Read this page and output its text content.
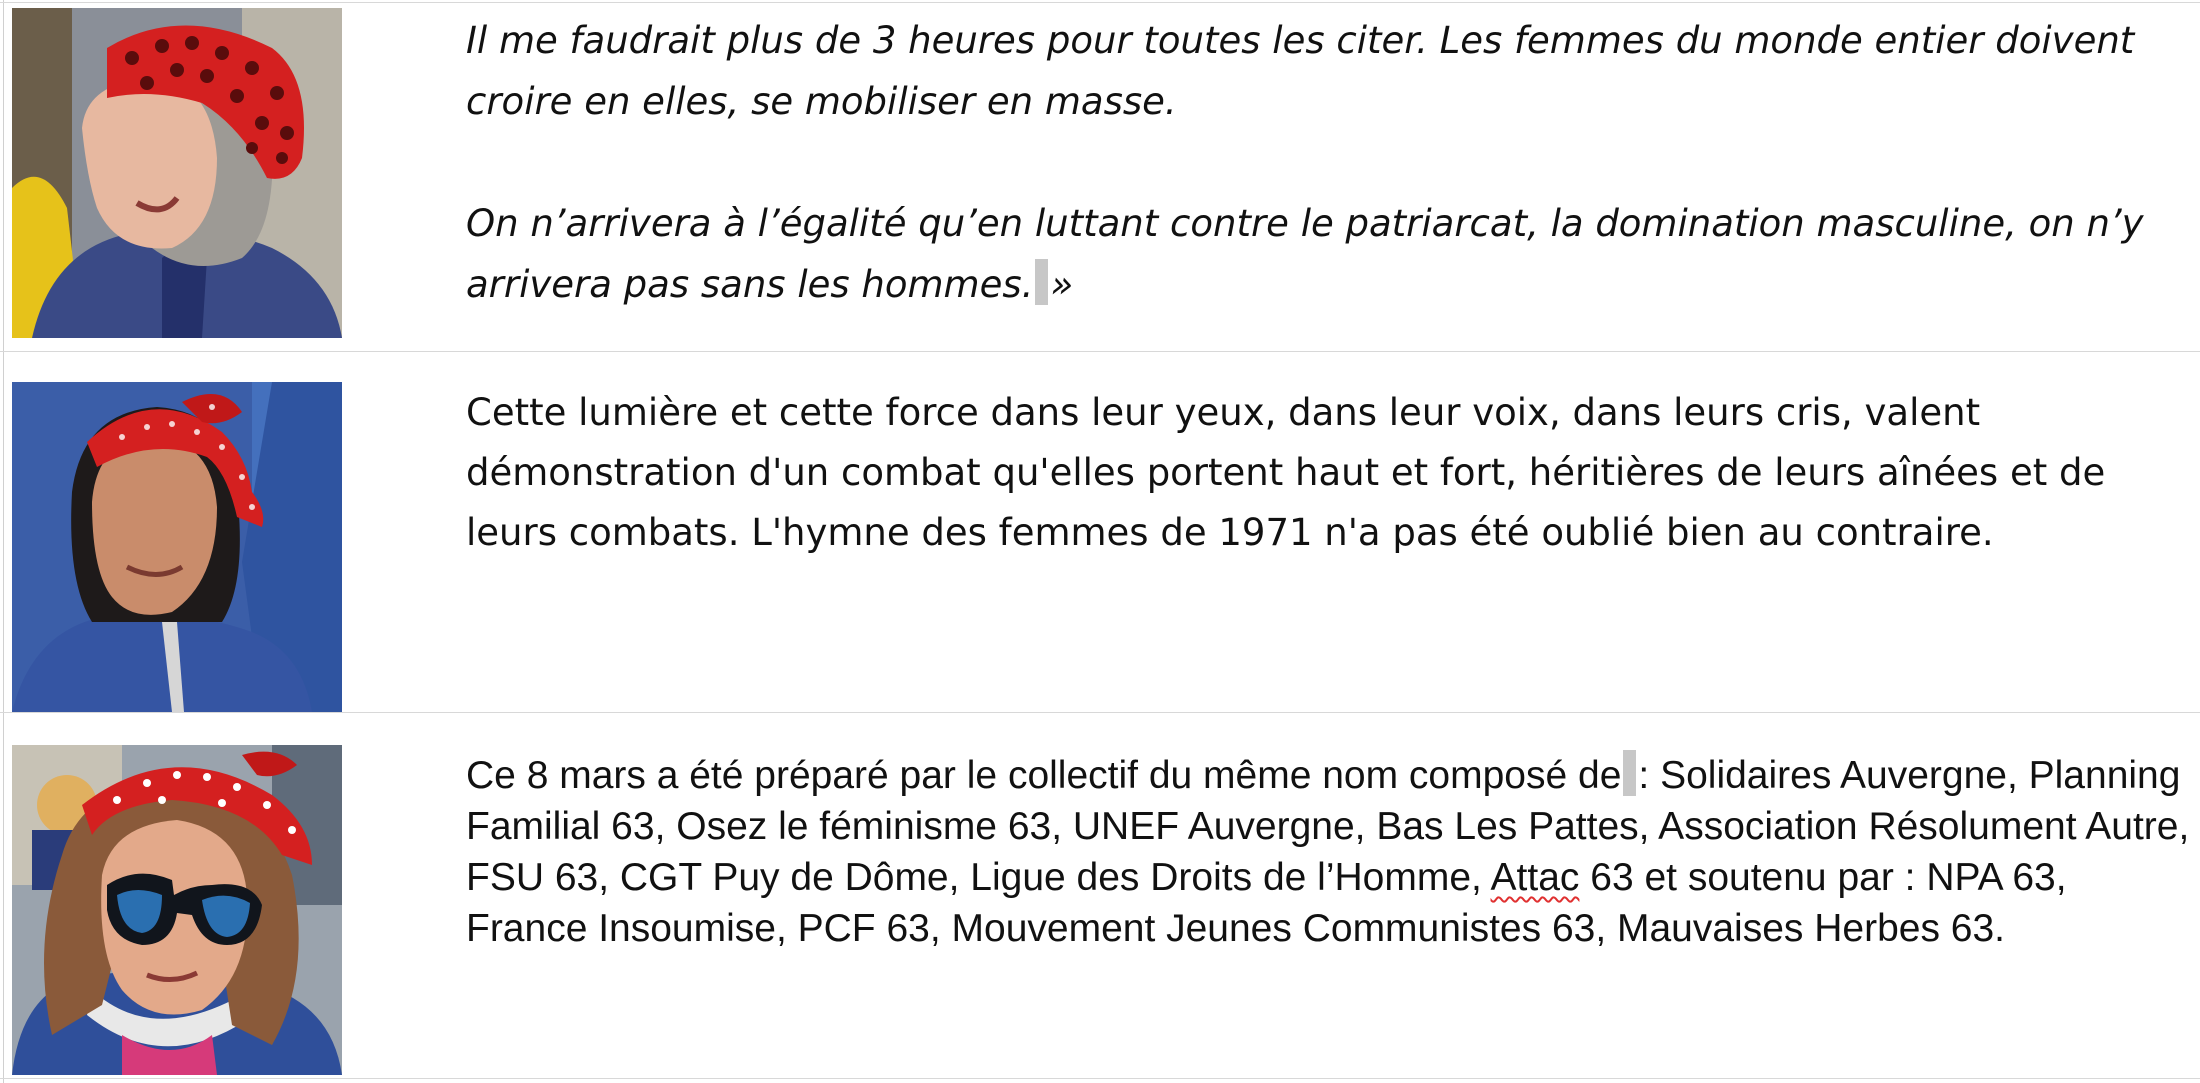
Il me faudrait plus de 3 heures pour toutes les citer. Les femmes du monde entier doivent croire en elles, se mobiliser en masse.

On n’arrivera à l’égalité qu’en luttant contre le patriarcat, la domination masculine, on n’y arrivera pas sans les hommes. »

Cette lumière et cette force dans leur yeux, dans leur voix, dans leurs cris, valent démonstration d'un combat qu'elles portent haut et fort, héritières de leurs aînées et de leurs combats. L'hymne des femmes de 1971 n'a pas été oublié bien au contraire.

Ce 8 mars a été préparé par le collectif du même nom composé de : Solidaires Auvergne, Planning Familial 63, Osez le féminisme 63, UNEF Auvergne, Bas Les Pattes, Association Résolument Autre, FSU 63, CGT Puy de Dôme, Ligue des Droits de l’Homme, Attac 63 et soutenu par : NPA 63, France Insoumise, PCF 63, Mouvement Jeunes Communistes 63, Mauvaises Herbes 63.
